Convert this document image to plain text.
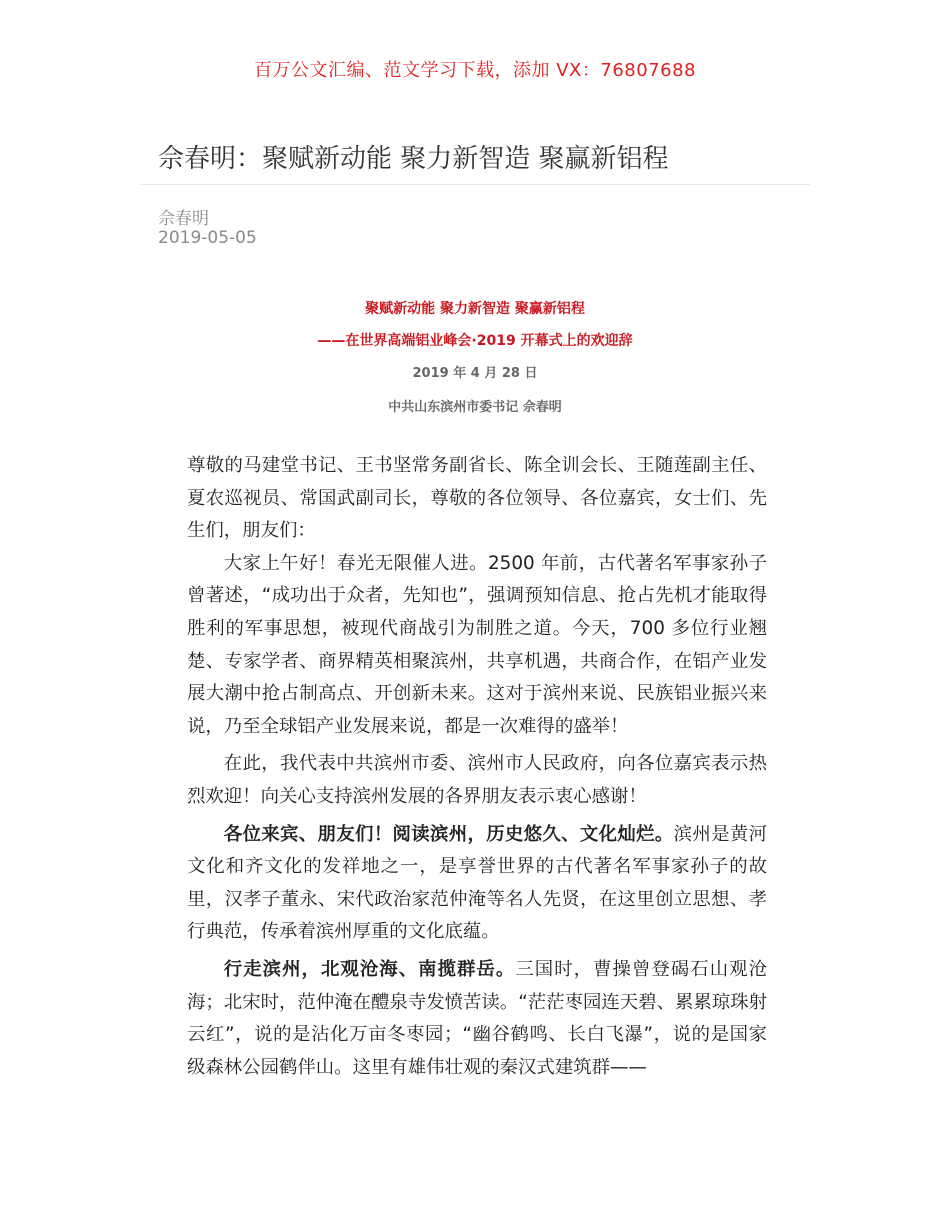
百万公文汇编、范文学习下载，添加 VX：76807688
佘春明：聚赋新动能 聚力新智造 聚赢新铝程
佘春明
2019-05-05
聚赋新动能 聚力新智造 聚赢新铝程
——在世界高端铝业峰会·2019 开幕式上的欢迎辞
2019 年 4 月 28 日
中共山东滨州市委书记 佘春明

尊敬的马建堂书记、王书坚常务副省长、陈全训会长、王随莲副主任、夏农巡视员、常国武副司长，尊敬的各位领导、各位嘉宾，女士们、先生们，朋友们：

大家上午好！春光无限催人进。2500 年前，古代著名军事家孙子曾著述，“成功出于众者，先知也”，强调预知信息、抢占先机才能取得胜利的军事思想，被现代商战引为制胜之道。今天，700 多位行业翘楚、专家学者、商界精英相聚滨州，共享机遇，共商合作，在铝产业发展大潮中抢占制高点、开创新未来。这对于滨州来说、民族铝业振兴来说，乃至全球铝产业发展来说，都是一次难得的盛举！

在此，我代表中共滨州市委、滨州市人民政府，向各位嘉宾表示热烈欢迎！向关心支持滨州发展的各界朋友表示衷心感谢！

各位来宾、朋友们！阅读滨州，历史悠久、文化灿烂。滨州是黄河文化和齐文化的发祥地之一，是享誉世界的古代著名军事家孙子的故里，汉孝子董永、宋代政治家范仲淹等名人先贤，在这里创立思想、孝行典范，传承着滨州厚重的文化底蕴。

行走滨州，北观沧海、南揽群岳。三国时，曹操曾登碣石山观沧海；北宋时，范仲淹在醴泉寺发愤苦读。“茫茫枣园连天碧、累累琼珠射云红”，说的是沾化万亩冬枣园；“幽谷鹤鸣、长白飞瀑”，说的是国家级森林公园鹤伴山。这里有雄伟壮观的秦汉式建筑群——
